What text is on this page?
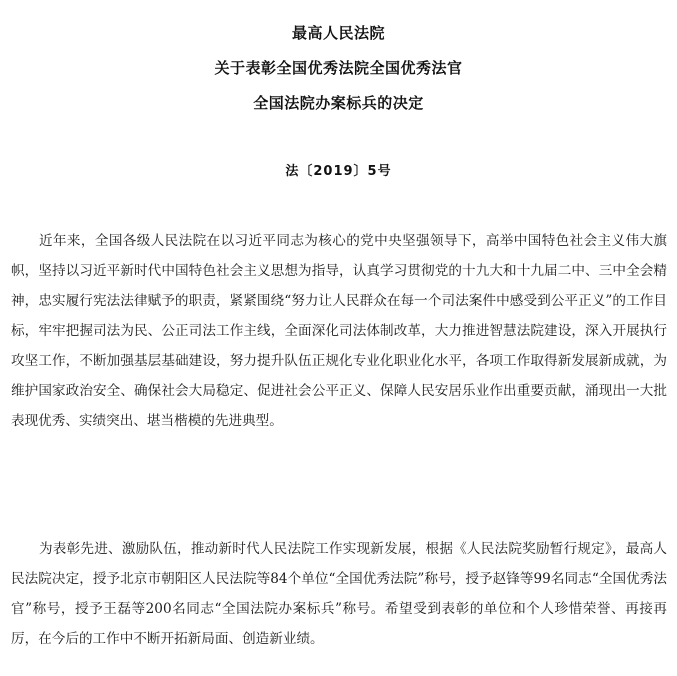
最高人民法院
关于表彰全国优秀法院全国优秀法官
全国法院办案标兵的决定
法〔2019〕5号
近年来，全国各级人民法院在以习近平同志为核心的党中央坚强领导下，高举中国特色社会主义伟大旗帜，坚持以习近平新时代中国特色社会主义思想为指导，认真学习贯彻党的十九大和十九届二中、三中全会精神，忠实履行宪法法律赋予的职责，紧紧围绕“努力让人民群众在每一个司法案件中感受到公平正义”的工作目标，牢牢把握司法为民、公正司法工作主线，全面深化司法体制改革，大力推进智慧法院建设，深入开展执行攻坚工作，不断加强基层基础建设，努力提升队伍正规化专业化职业化水平，各项工作取得新发展新成就，为维护国家政治安全、确保社会大局稳定、促进社会公平正义、保障人民安居乐业作出重要贡献，涌现出一大批表现优秀、实绩突出、堪当楷模的先进典型。
为表彰先进、激励队伍，推动新时代人民法院工作实现新发展，根据《人民法院奖励暂行规定》，最高人民法院决定，授予北京市朝阳区人民法院等84个单位“全国优秀法院”称号，授予赵锋等99名同志“全国优秀法官”称号，授予王磊等200名同志“全国法院办案标兵”称号。希望受到表彰的单位和个人珍惜荣誉、再接再厉，在今后的工作中不断开拓新局面、创造新业绩。
